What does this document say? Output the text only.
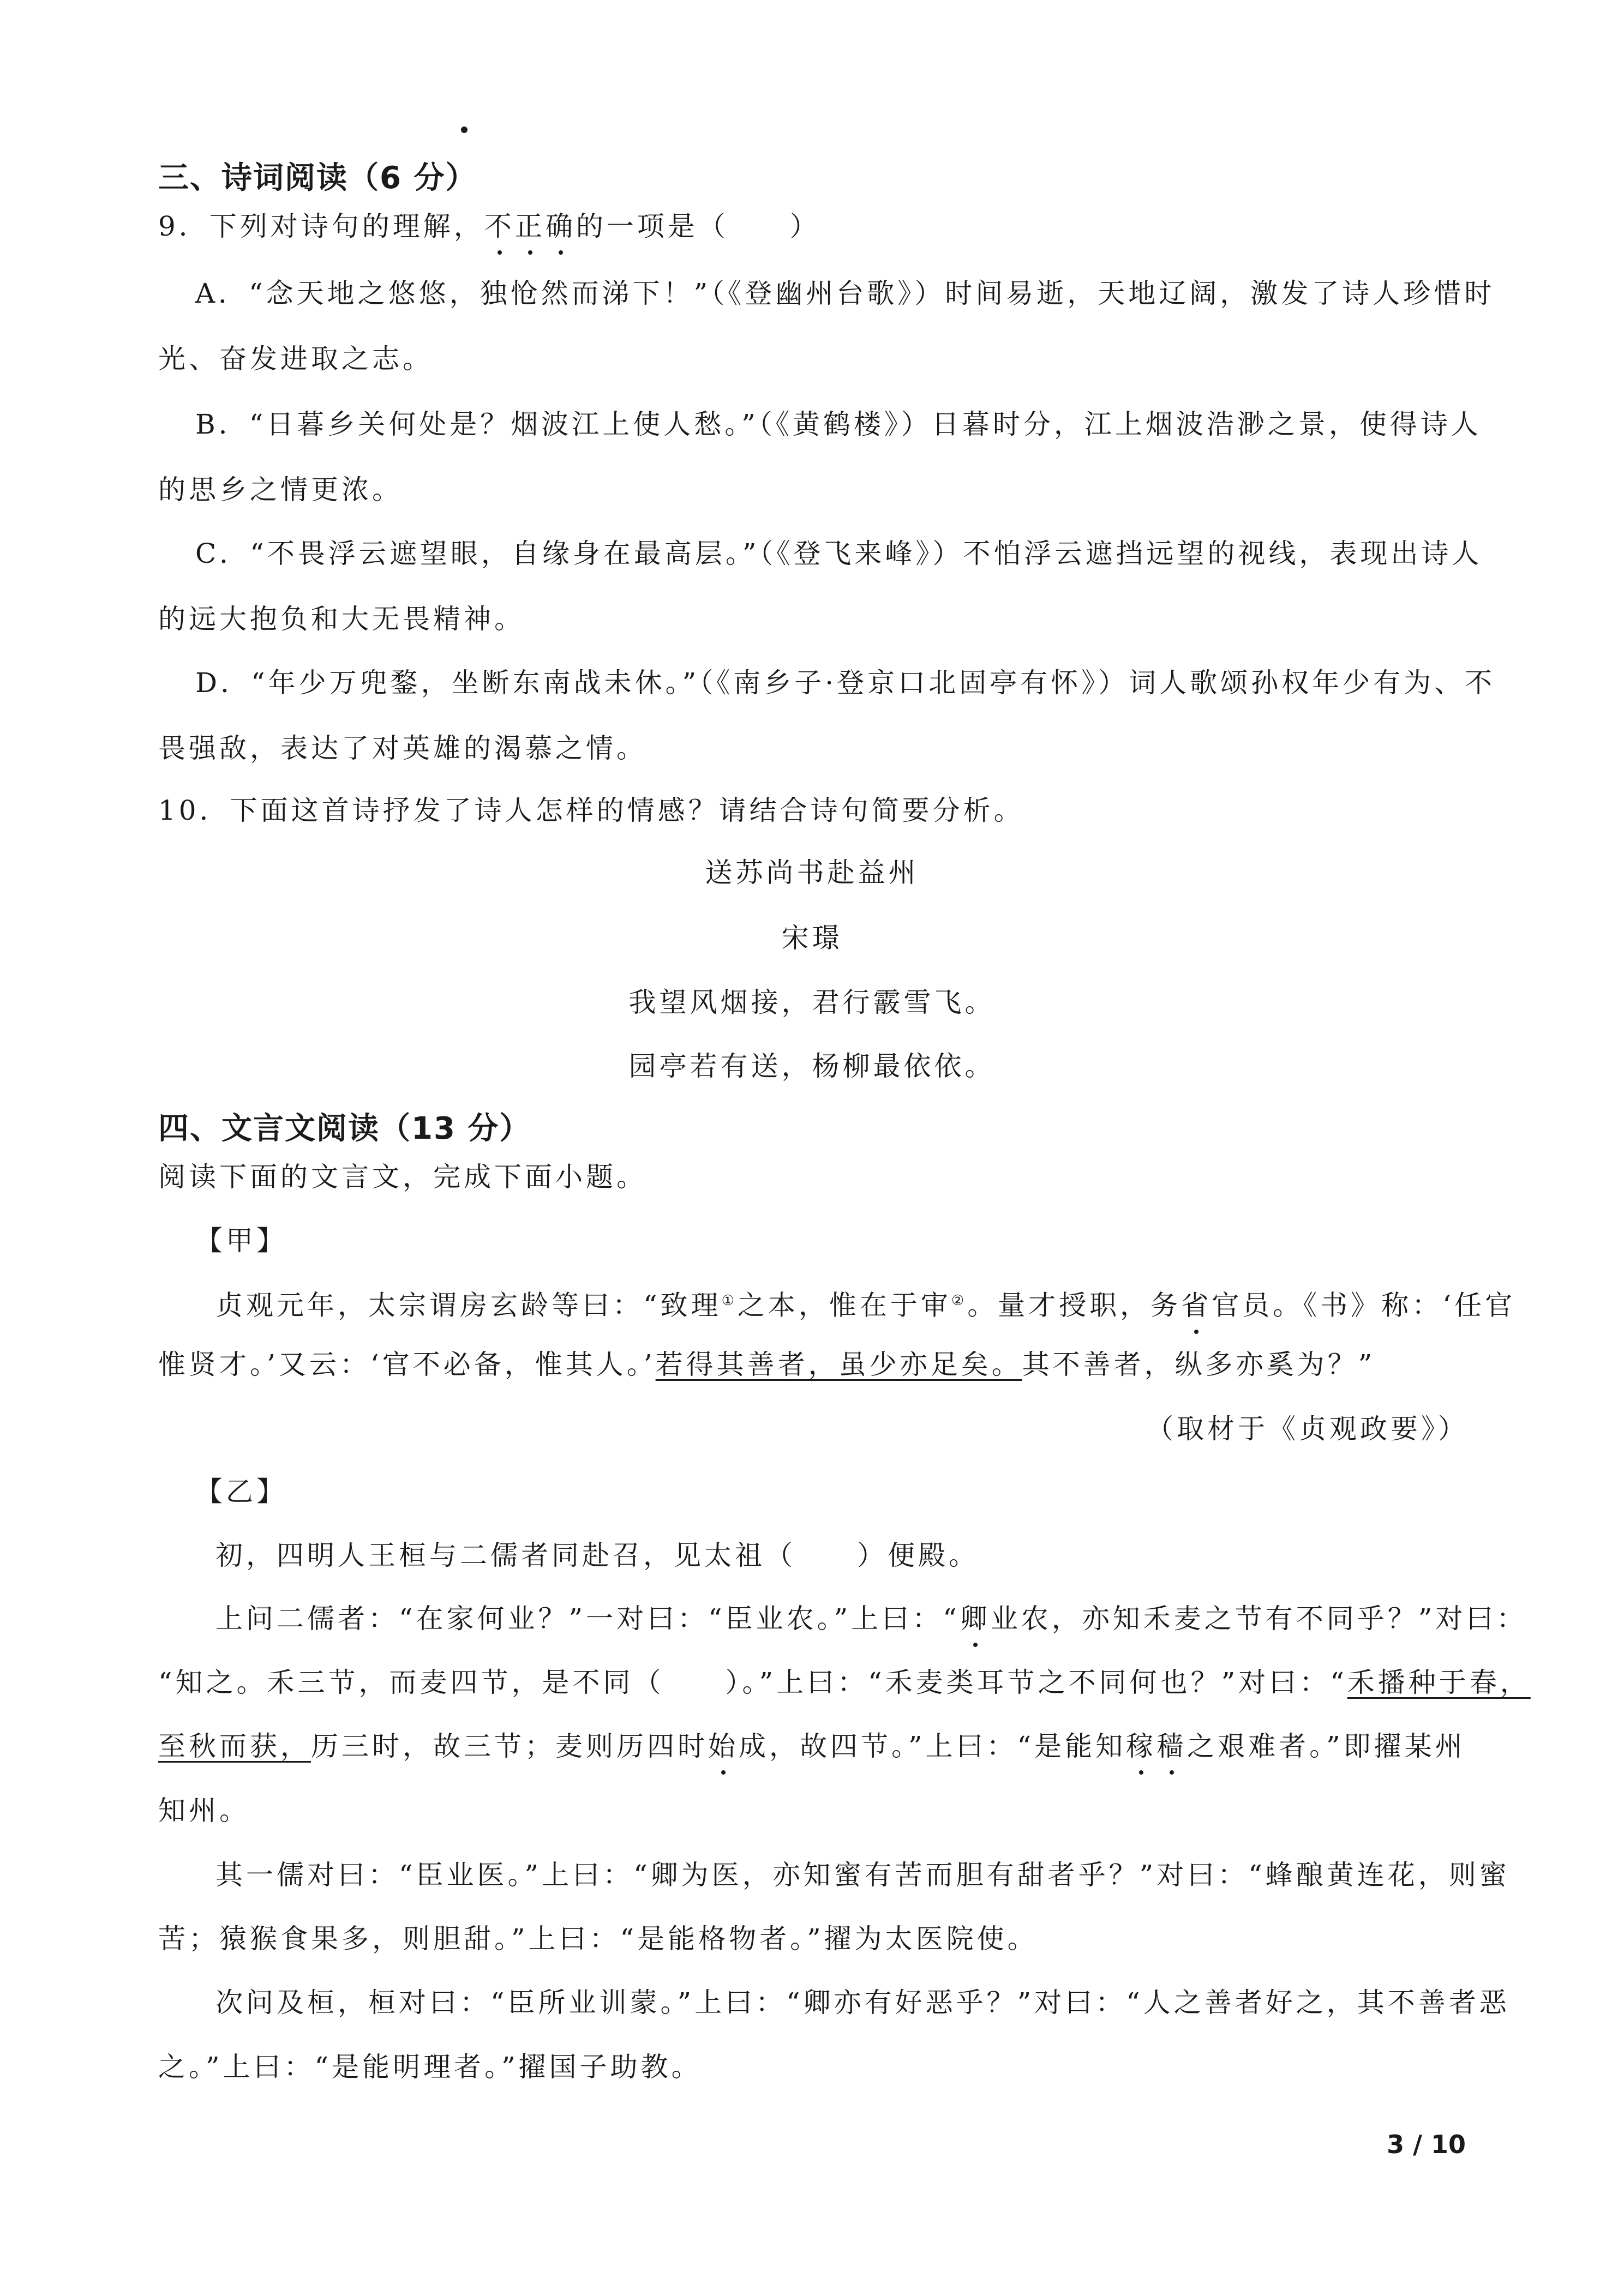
三、诗词阅读（6 分）
9．下列对诗句的理解，不正确的一项是（　　）
A．“念天地之悠悠，独怆然而涕下！”（《登幽州台歌》）时间易逝，天地辽阔，激发了诗人珍惜时
光、奋发进取之志。
B．“日暮乡关何处是？烟波江上使人愁。”（《黄鹤楼》）日暮时分，江上烟波浩渺之景，使得诗人
的思乡之情更浓。
C．“不畏浮云遮望眼，自缘身在最高层。”（《登飞来峰》）不怕浮云遮挡远望的视线，表现出诗人
的远大抱负和大无畏精神。
D．“年少万兜鍪，坐断东南战未休。”（《南乡子·登京口北固亭有怀》）词人歌颂孙权年少有为、不
畏强敌，表达了对英雄的渴慕之情。
10．下面这首诗抒发了诗人怎样的情感？请结合诗句简要分析。
送苏尚书赴益州
宋璟
我望风烟接，君行霰雪飞。
园亭若有送，杨柳最依依。
四、文言文阅读（13 分）
阅读下面的文言文，完成下面小题。
【甲】
贞观元年，太宗谓房玄龄等曰：“致理①之本，惟在于审②。量才授职，务省官员。《书》称：‘任官
惟贤才。’又云：‘官不必备，惟其人。’若得其善者，虽少亦足矣。其不善者，纵多亦奚为？”
（取材于《贞观政要》）
【乙】
初，四明人王桓与二儒者同赴召，见太祖（　　）便殿。
上问二儒者：“在家何业？”一对曰：“臣业农。”上曰：“卿业农，亦知禾麦之节有不同乎？”对曰：
“知之。禾三节，而麦四节，是不同（　　）。”上曰：“禾麦类耳节之不同何也？”对曰：“禾播种于春，
至秋而获，历三时，故三节；麦则历四时始成，故四节。”上曰：“是能知稼穑之艰难者。”即擢某州
知州。
其一儒对曰：“臣业医。”上曰：“卿为医，亦知蜜有苦而胆有甜者乎？”对曰：“蜂酿黄连花，则蜜
苦；猿猴食果多，则胆甜。”上曰：“是能格物者。”擢为太医院使。
次问及桓，桓对曰：“臣所业训蒙。”上曰：“卿亦有好恶乎？”对曰：“人之善者好之，其不善者恶
之。”上曰：“是能明理者。”擢国子助教。
3 / 10
